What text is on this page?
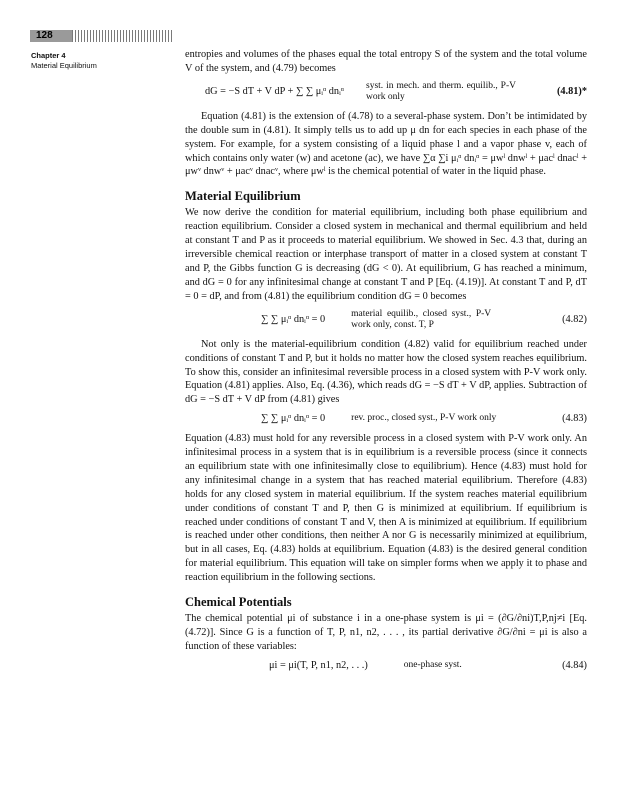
128
Chapter 4
Material Equilibrium

entropies and volumes of the phases equal the total entropy S of the system and the total volume V of the system, and (4.79) becomes

dG = −S dT + V dP + ∑ ∑ μᵢᵅ dnᵢᵅ
syst. in mech. and therm. equilib., P-V work only	(4.81)*

Equation (4.81) is the extension of (4.78) to a several-phase system. Don’t be intimidated by the double sum in (4.81). It simply tells us to add up μ dn for each species in each phase of the system. For example, for a system consisting of a liquid phase l and a vapor phase v, each of which contains only water (w) and acetone (ac), we have ∑α ∑i μᵢᵅ dnᵢᵅ = μwˡ dnwˡ + μacˡ dnacˡ + μwᵛ dnwᵛ + μacᵛ dnacᵛ, where μwˡ is the chemical potential of water in the liquid phase.

Material Equilibrium

We now derive the condition for material equilibrium, including both phase equilibrium and reaction equilibrium. Consider a closed system in mechanical and thermal equilibrium and held at constant T and P as it proceeds to material equilibrium. We showed in Sec. 4.3 that, during an irreversible chemical reaction or interphase transport of matter in a closed system at constant T and P, the Gibbs function G is decreasing (dG < 0). At equilibrium, G has reached a minimum, and dG = 0 for any infinitesimal change at constant T and P [Eq. (4.19)]. At constant T and P, dT = 0 = dP, and from (4.81) the equilibrium condition dG = 0 becomes

∑ ∑ μᵢᵅ dnᵢᵅ = 0
material equilib., closed syst., P-V work only, const. T, P	(4.82)

Not only is the material-equilibrium condition (4.82) valid for equilibrium reached under conditions of constant T and P, but it holds no matter how the closed system reaches equilibrium. To show this, consider an infinitesimal reversible process in a closed system with P-V work only. Equation (4.81) applies. Also, Eq. (4.36), which reads dG = −S dT + V dP, applies. Subtraction of dG = −S dT + V dP from (4.81) gives

∑ ∑ μᵢᵅ dnᵢᵅ = 0	rev. proc., closed syst., P-V work only	(4.83)

Equation (4.83) must hold for any reversible process in a closed system with P-V work only. An infinitesimal process in a system that is in equilibrium is a reversible process (since it connects an equilibrium state with one infinitesimally close to equilibrium). Hence (4.83) must hold for any infinitesimal change in a system that has reached material equilibrium. Therefore (4.83) holds for any closed system in material equilibrium. If the system reaches material equilibrium under conditions of constant T and P, then G is minimized at equilibrium. If equilibrium is reached under conditions of constant T and V, then A is minimized at equilibrium. If equilibrium is reached under other conditions, then neither A nor G is necessarily minimized at equilibrium, but in all cases, Eq. (4.83) holds at equilibrium. Equation (4.83) is the desired general condition for material equilibrium. This equation will take on simpler forms when we apply it to phase and reaction equilibrium in the following sections.

Chemical Potentials

The chemical potential μi of substance i in a one-phase system is μi = (∂G/∂ni)T,P,nj≠i [Eq. (4.72)]. Since G is a function of T, P, n1, n2, . . . , its partial derivative ∂G/∂ni = μi is also a function of these variables:

μi = μi(T, P, n1, n2, . . .)	one-phase syst.	(4.84)
